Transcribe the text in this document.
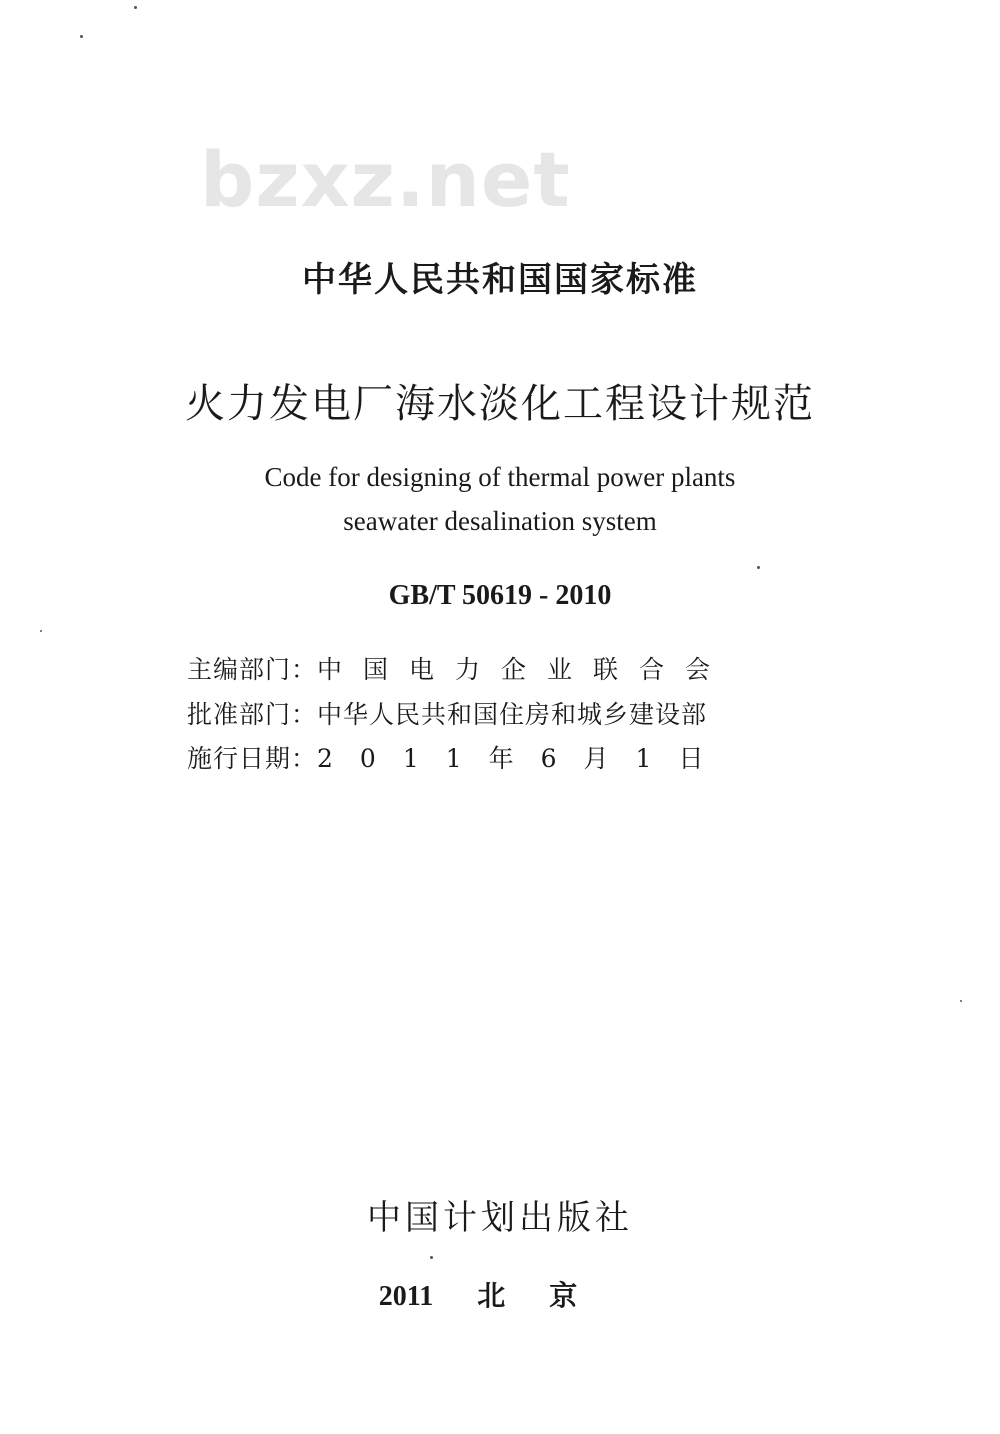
bzxz.net
中华人民共和国国家标准
火力发电厂海水淡化工程设计规范
Code for designing of thermal power plants
seawater desalination system
GB/T 50619 - 2010
主编部门： 中国电力企业联合会
批准部门： 中华人民共和国住房和城乡建设部
施行日期： 2011年6月1日
中国计划出版社
2011 北京
